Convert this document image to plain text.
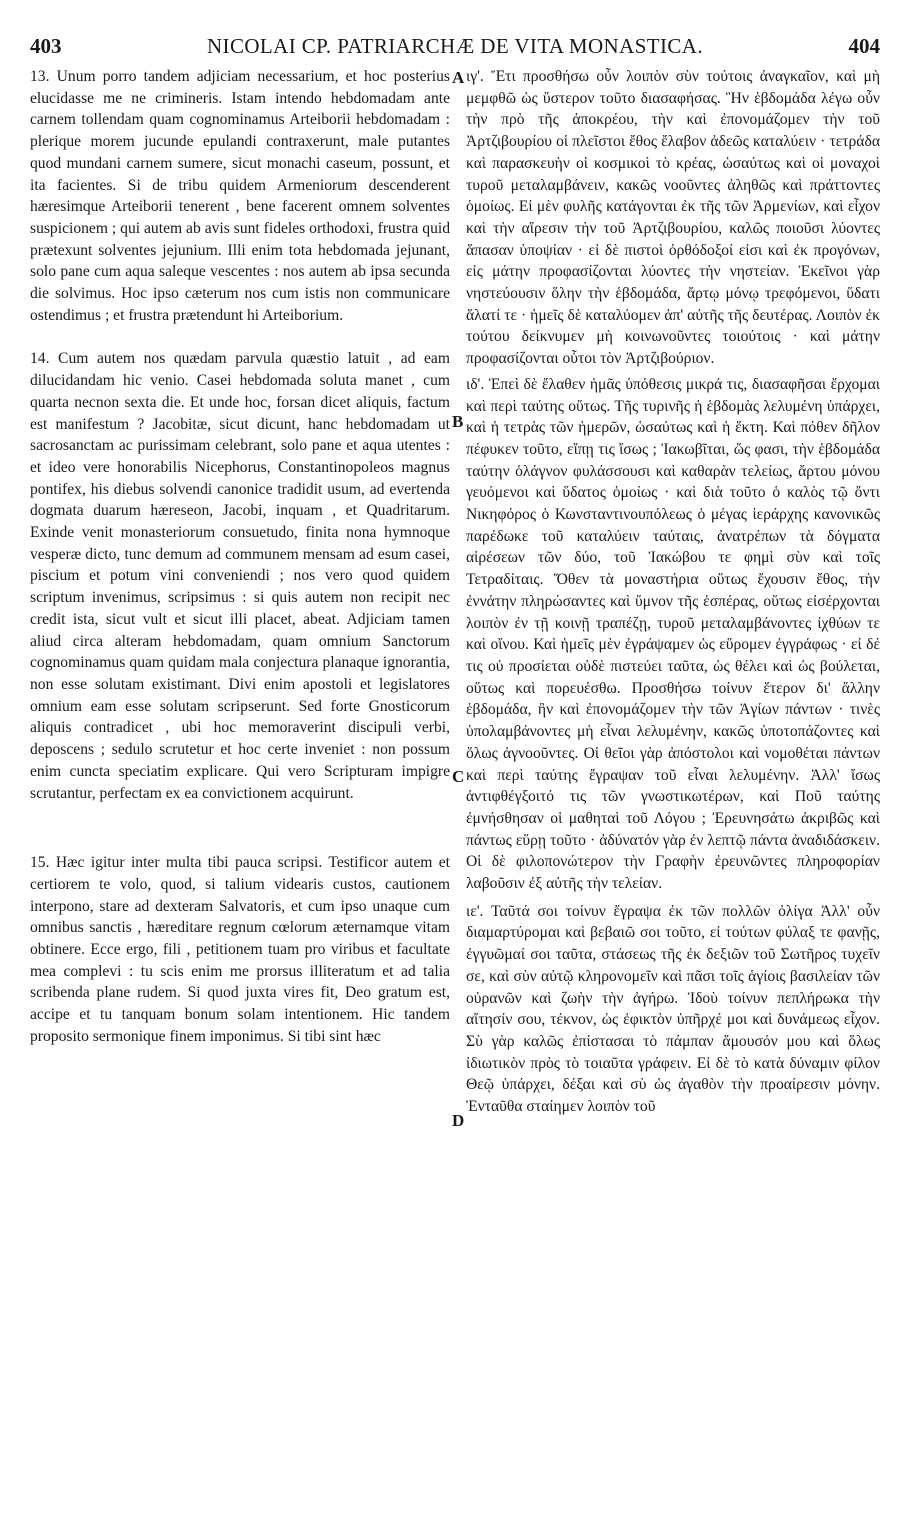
403	NICOLAI CP. PATRIARCHÆ DE VITA MONASTICA.	404

13. Unum porro tandem adjiciam necessarium, et hoc posterius elucidasse me ne crimineris. Istam intendo hebdomadam ante carnem tollendam quam cognominamus Arteiborii hebdomadam : plerique morem jucunde epulandi contraxerunt, male putantes quod mundani carnem sumere, sicut monachi caseum, possunt, et ita facientes. Si de tribu quidem Armeniorum descenderent hæresimque Arteiborii tenerent , bene facerent omnem solventes suspicionem ; qui autem ab avis sunt fideles orthodoxi, frustra quid prætexunt solventes jejunium. Illi enim tota hebdomada jejunant, solo pane cum aqua saleque vescentes : nos autem ab ipsa secunda die solvimus. Hoc ipso cæterum nos cum istis non communicare ostendimus ; et frustra prætendunt hi Arteiborium.

14. Cum autem nos quædam parvula quæstio latuit , ad eam dilucidandam hic venio. Casei hebdomada soluta manet , cum quarta necnon sexta die. Et unde hoc, forsan dicet aliquis, factum est manifestum ? Jacobitæ, sicut dicunt, hanc hebdomadam ut sacrosanctam ac purissimam celebrant, solo pane et aqua utentes : et ideo vere honorabilis Nicephorus, Constantinopoleos magnus pontifex, his diebus solvendi canonice tradidit usum, ad evertenda dogmata duarum hæreseon, Jacobi, inquam , et Quadritarum. Exinde venit monasteriorum consuetudo, finita nona hymnoque vesperæ dicto, tunc demum ad communem mensam ad esum casei, piscium et potum vini conveniendi ; nos vero quod quidem scriptum invenimus, scripsimus : si quis autem non recipit nec credit ista, sicut vult et sicut illi placet, abeat. Adjiciam tamen aliud circa alteram hebdomadam, quam omnium Sanctorum cognominamus quam quidam mala conjectura planaque ignorantia, non esse solutam existimant. Divi enim apostoli et legislatores omnium eam esse solutam scripserunt. Sed forte Gnosticorum aliquis contradicet , ubi hoc memoraverint discipuli verbi, deposcens ; sedulo scrutetur et hoc certe inveniet : non possum enim cuncta speciatim explicare. Qui vero Scripturam impigre scrutantur, perfectam ex ea convictionem acquirunt.

15. Hæc igitur inter multa tibi pauca scripsi. Testificor autem et certiorem te volo, quod, si talium videaris custos, cautionem interpono, stare ad dexteram Salvatoris, et cum ipso unaque cum omnibus sanctis , hæreditare regnum cœlorum æternamque vitam obtinere. Ecce ergo, fili , petitionem tuam pro viribus et facultate mea complevi : tu scis enim me prorsus illiteratum et ad talia scribenda plane rudem. Si quod juxta vires fit, Deo gratum est, accipe et tu tanquam bonum solam intentionem. Hic tandem proposito sermonique finem imponimus. Si tibi sint hæc

ιγ'. Ἔτι προσθήσω οὖν λοιπὸν σὺν τούτοις ἀναγκαῖον, καὶ μὴ μεμφθῶ ὡς ὕστερον τοῦτο διασαφήσας. Ἣν ἑβδομάδα λέγω οὖν τὴν πρὸ τῆς ἀποκρέου, τὴν καὶ ἐπονομάζομεν τὴν τοῦ Ἀρτζιβουρίου οἱ πλεῖστοι ἔθος ἔλαβον ἀδεῶς καταλύειν · τετράδα καὶ παρασκευὴν οἱ κοσμικοὶ τὸ κρέας, ὡσαύτως καὶ οἱ μοναχοὶ τυροῦ μεταλαμβάνειν, κακῶς νοοῦντες ἀληθῶς καὶ πράττοντες ὁμοίως. Εἰ μὲν φυλῆς κατάγονται ἐκ τῆς τῶν Ἀρμενίων, καὶ εἶχον καὶ τὴν αἵρεσιν τὴν τοῦ Ἀρτζιβουρίου, καλῶς ποιοῦσι λύοντες ἅπασαν ὑποψίαν · εἰ δὲ πιστοὶ ὀρθόδοξοί εἰσι καὶ ἐκ προγόνων, εἰς μάτην προφασίζονται λύοντες τὴν νηστείαν. Ἐκεῖνοι γὰρ νηστεύουσιν ὅλην τὴν ἑβδομάδα, ἄρτῳ μόνῳ τρεφόμενοι, ὕδατι ἅλατί τε · ἡμεῖς δὲ καταλύομεν ἀπ' αὐτῆς τῆς δευτέρας. Λοιπὸν ἐκ τούτου δείκνυμεν μὴ κοινωνοῦντες τοιούτοις · καὶ μάτην προφασίζονται οὗτοι τὸν Ἀρτζιβούριον.

ιδ'. Ἐπεὶ δὲ ἔλαθεν ἡμᾶς ὑπόθεσις μικρά τις, διασαφῆσαι ἔρχομαι καὶ περὶ ταύτης οὕτως. Τῆς τυρινῆς ἡ ἑβδομὰς λελυμένη ὑπάρχει, καὶ ἡ τετρὰς τῶν ἡμερῶν, ὡσαύτως καὶ ἡ ἕκτη. Καὶ πόθεν δῆλον πέφυκεν τοῦτο, εἴπῃ τις ἴσως ; Ἰακωβῖται, ὥς φασι, τὴν ἑβδομάδα ταύτην ὁλάγνον φυλάσσουσι καὶ καθαρὰν τελείως, ἄρτου μόνου γευόμενοι καὶ ὕδατος ὁμοίως · καὶ διὰ τοῦτο ὁ καλὸς τῷ ὄντι Νικηφόρος ὁ Κωνσταντινουπόλεως ὁ μέγας ἱεράρχης κανονικῶς παρέδωκε τοῦ καταλύειν ταύταις, ἀνατρέπων τὰ δόγματα αἱρέσεων τῶν δύο, τοῦ Ἰακώβου τε φημὶ σὺν καὶ τοῖς Τετραδίταις. Ὅθεν τὰ μοναστήρια οὕτως ἔχουσιν ἔθος, τὴν ἐννάτην πληρώσαντες καὶ ὕμνον τῆς ἑσπέρας, οὕτως εἰσέρχονται λοιπὸν ἐν τῇ κοινῇ τραπέζῃ, τυροῦ μεταλαμβάνοντες ἰχθύων τε καὶ οἴνου. Καὶ ἡμεῖς μὲν ἐγράψαμεν ὡς εὕρομεν ἐγγράφως · εἰ δέ τις οὐ προσίεται οὐδὲ πιστεύει ταῦτα, ὡς θέλει καὶ ὡς βούλεται, οὕτως καὶ πορευέσθω. Προσθήσω τοίνυν ἕτερον δι' ἄλλην ἑβδομάδα, ἣν καὶ ἐπονομάζομεν τὴν τῶν Ἁγίων πάντων · τινὲς ὑπολαμβάνοντες μὴ εἶναι λελυμένην, κακῶς ὑποτοπάζοντες καὶ ὅλως ἀγνοοῦντες. Οἱ θεῖοι γὰρ ἀπόστολοι καὶ νομοθέται πάντων καὶ περὶ ταύτης ἔγραψαν τοῦ εἶναι λελυμένην. Ἀλλ' ἴσως ἀντιφθέγξοιτό τις τῶν γνωστικωτέρων, καὶ Ποῦ ταύτης ἐμνήσθησαν οἱ μαθηταὶ τοῦ Λόγου ; Ἐρευνησάτω ἀκριβῶς καὶ πάντως εὕρῃ τοῦτο · ἀδύνατόν γὰρ ἐν λεπτῷ πάντα ἀναδιδάσκειν. Οἱ δὲ φιλοπονώτερον τὴν Γραφὴν ἐρευνῶντες πληροφορίαν λαβοῦσιν ἐξ αὐτῆς τὴν τελείαν.

ιε'. Ταῦτά σοι τοίνυν ἔγραψα ἐκ τῶν πολλῶν ὀλίγα Ἀλλ' οὖν διαμαρτύρομαι καὶ βεβαιῶ σοι τοῦτο, εἰ τούτων φύλαξ τε φανῇς, ἐγγυῶμαί σοι ταῦτα, στάσεως τῆς ἐκ δεξιῶν τοῦ Σωτῆρος τυχεῖν σε, καὶ σὺν αὐτῷ κληρονομεῖν καὶ πᾶσι τοῖς ἁγίοις βασιλείαν τῶν οὐρανῶν καὶ ζωὴν τὴν ἀγήρω. Ἰδοὺ τοίνυν πεπλήρωκα τὴν αἴτησίν σου, τέκνον, ὡς ἐφικτὸν ὑπῆρχέ μοι καὶ δυνάμεως εἶχον. Σὺ γὰρ καλῶς ἐπίστασαι τὸ πάμπαν ἄμουσόν μου καὶ ὅλως ἰδιωτικὸν πρὸς τὸ τοιαῦτα γράφειν. Εἰ δὲ τὸ κατὰ δύναμιν φίλον Θεῷ ὑπάρχει, δέξαι καὶ σὺ ὡς ἀγαθὸν τὴν προαίρεσιν μόνην. Ἐνταῦθα σταίημεν λοιπὸν τοῦ

A
B
C
D
